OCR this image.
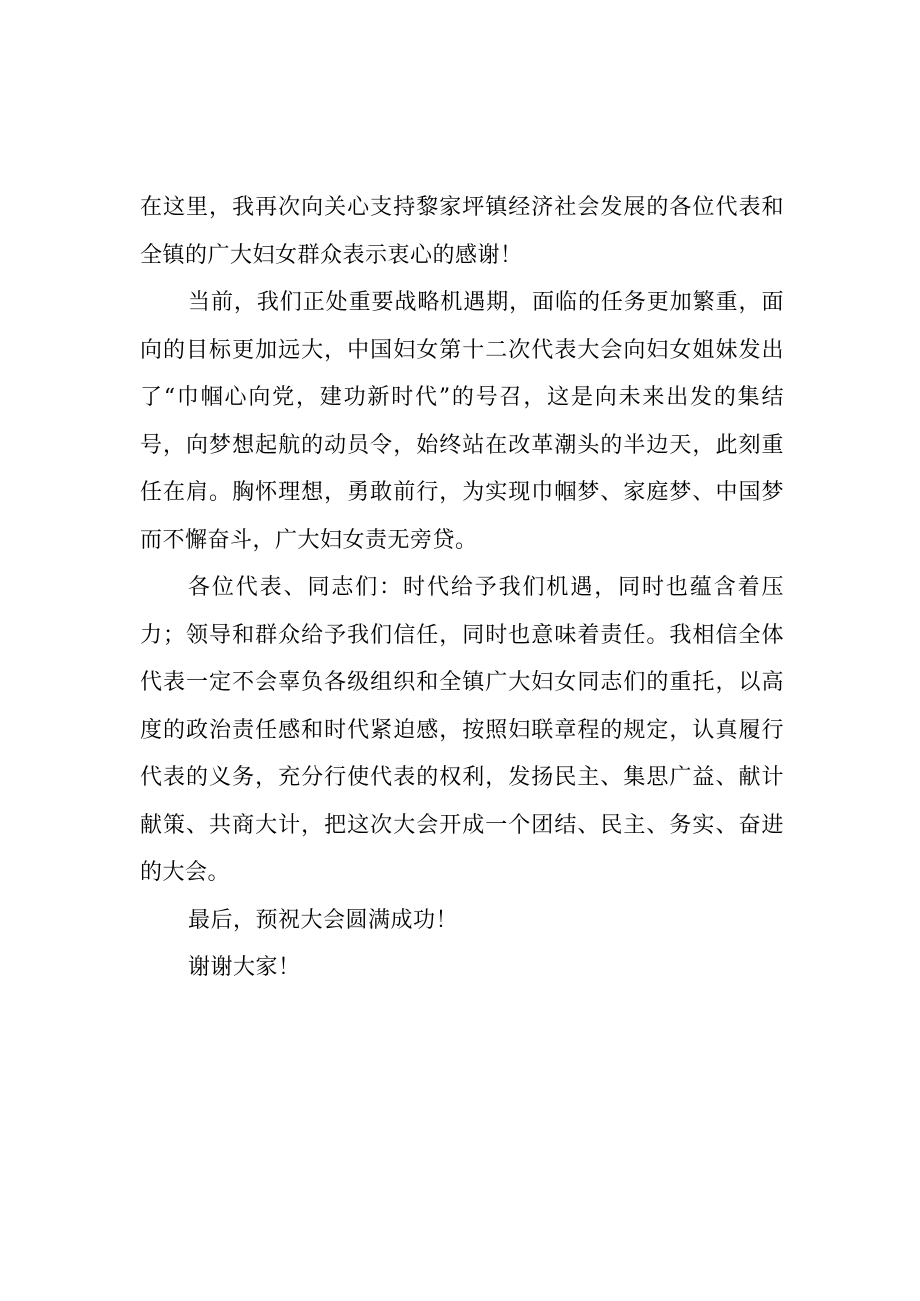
在这里，我再次向关心支持黎家坪镇经济社会发展的各位代表和全镇的广大妇女群众表示衷心的感谢！

当前，我们正处重要战略机遇期，面临的任务更加繁重，面向的目标更加远大，中国妇女第十二次代表大会向妇女姐妹发出了“巾帼心向党，建功新时代”的号召，这是向未来出发的集结号，向梦想起航的动员令，始终站在改革潮头的半边天，此刻重任在肩。胸怀理想，勇敢前行，为实现巾帼梦、家庭梦、中国梦而不懈奋斗，广大妇女责无旁贷。

各位代表、同志们：时代给予我们机遇，同时也蕴含着压力；领导和群众给予我们信任，同时也意味着责任。我相信全体代表一定不会辜负各级组织和全镇广大妇女同志们的重托，以高度的政治责任感和时代紧迫感，按照妇联章程的规定，认真履行代表的义务，充分行使代表的权利，发扬民主、集思广益、献计献策、共商大计，把这次大会开成一个团结、民主、务实、奋进的大会。

最后，预祝大会圆满成功！

谢谢大家！
